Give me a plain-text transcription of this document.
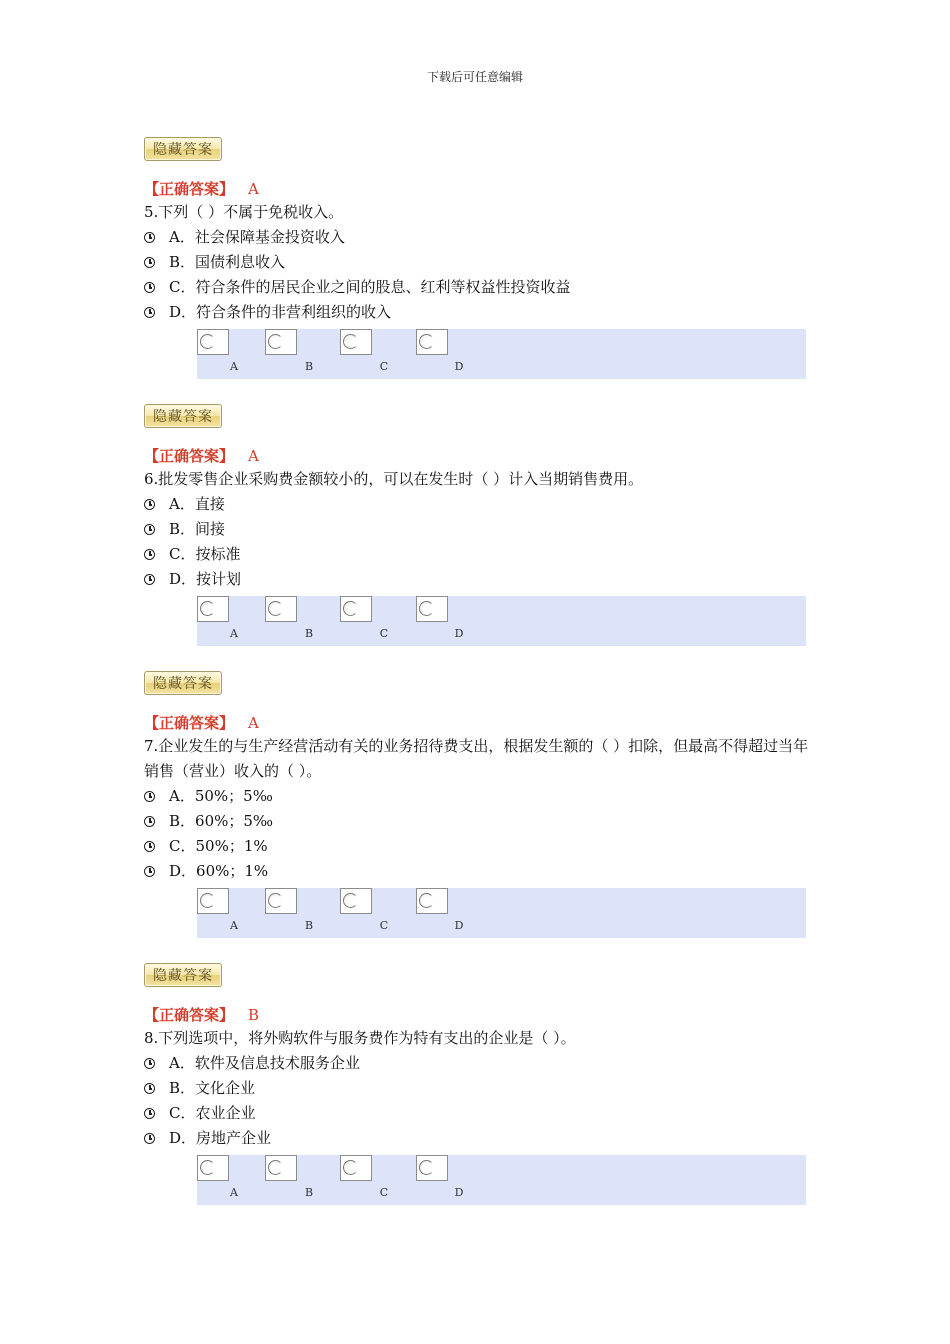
下载后可任意编辑
隐藏答案
【正确答案】 A
5.下列（ ）不属于免税收入。
A．社会保障基金投资收入
B．国债利息收入
C．符合条件的居民企业之间的股息、红利等权益性投资收益
D．符合条件的非营利组织的收入
A	B	C	D
隐藏答案
【正确答案】 A
6.批发零售企业采购费金额较小的，可以在发生时（ ）计入当期销售费用。
A．直接
B．间接
C．按标准
D．按计划
A	B	C	D
隐藏答案
【正确答案】 A
7.企业发生的与生产经营活动有关的业务招待费支出，根据发生额的（ ）扣除，但最高不得超过当年销售（营业）收入的（ ）。
A．50%；5‰
B．60%；5‰
C．50%；1%
D．60%；1%
A	B	C	D
隐藏答案
【正确答案】 B
8.下列选项中，将外购软件与服务费作为特有支出的企业是（ ）。
A．软件及信息技术服务企业
B．文化企业
C．农业企业
D．房地产企业
A	B	C	D
